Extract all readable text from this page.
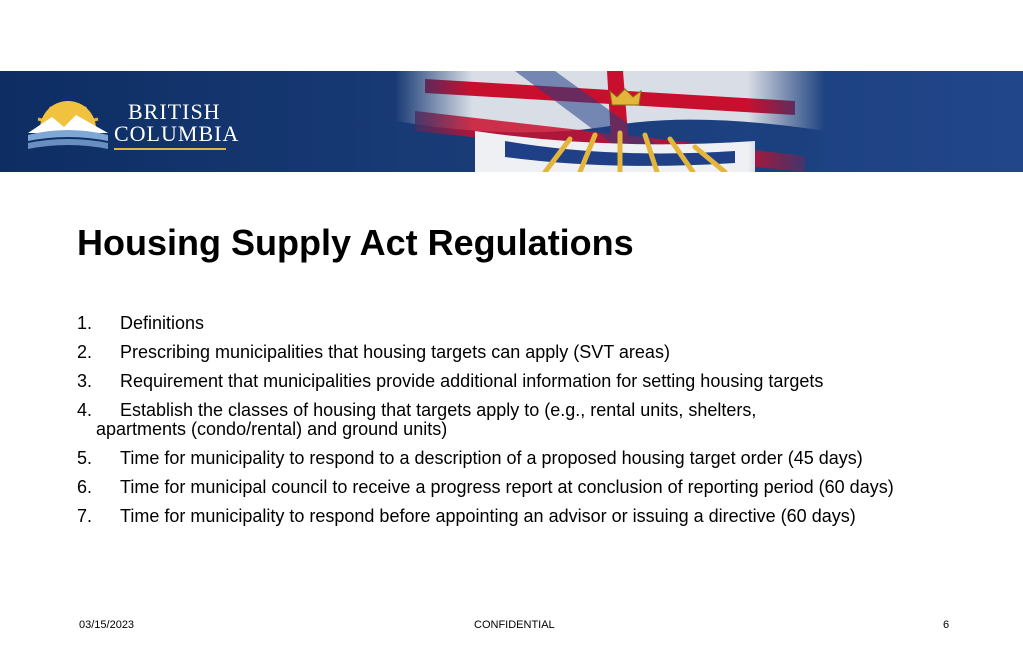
BRITISH
COLUMBIA
Housing Supply Act Regulations
1.	Definitions
2.	Prescribing municipalities that housing targets can apply (SVT areas)
3.	Requirement that municipalities provide additional information for setting housing targets
4.	Establish the classes of housing that targets apply to (e.g., rental units, shelters, apartments (condo/rental) and ground units)
5.	Time for municipality to respond to a description of a proposed housing target order (45 days)
6.	Time for municipal council to receive a progress report at conclusion of reporting period (60 days)
7.	Time for municipality to respond before appointing an advisor or issuing a directive (60 days)
03/15/2023	CONFIDENTIAL	6
